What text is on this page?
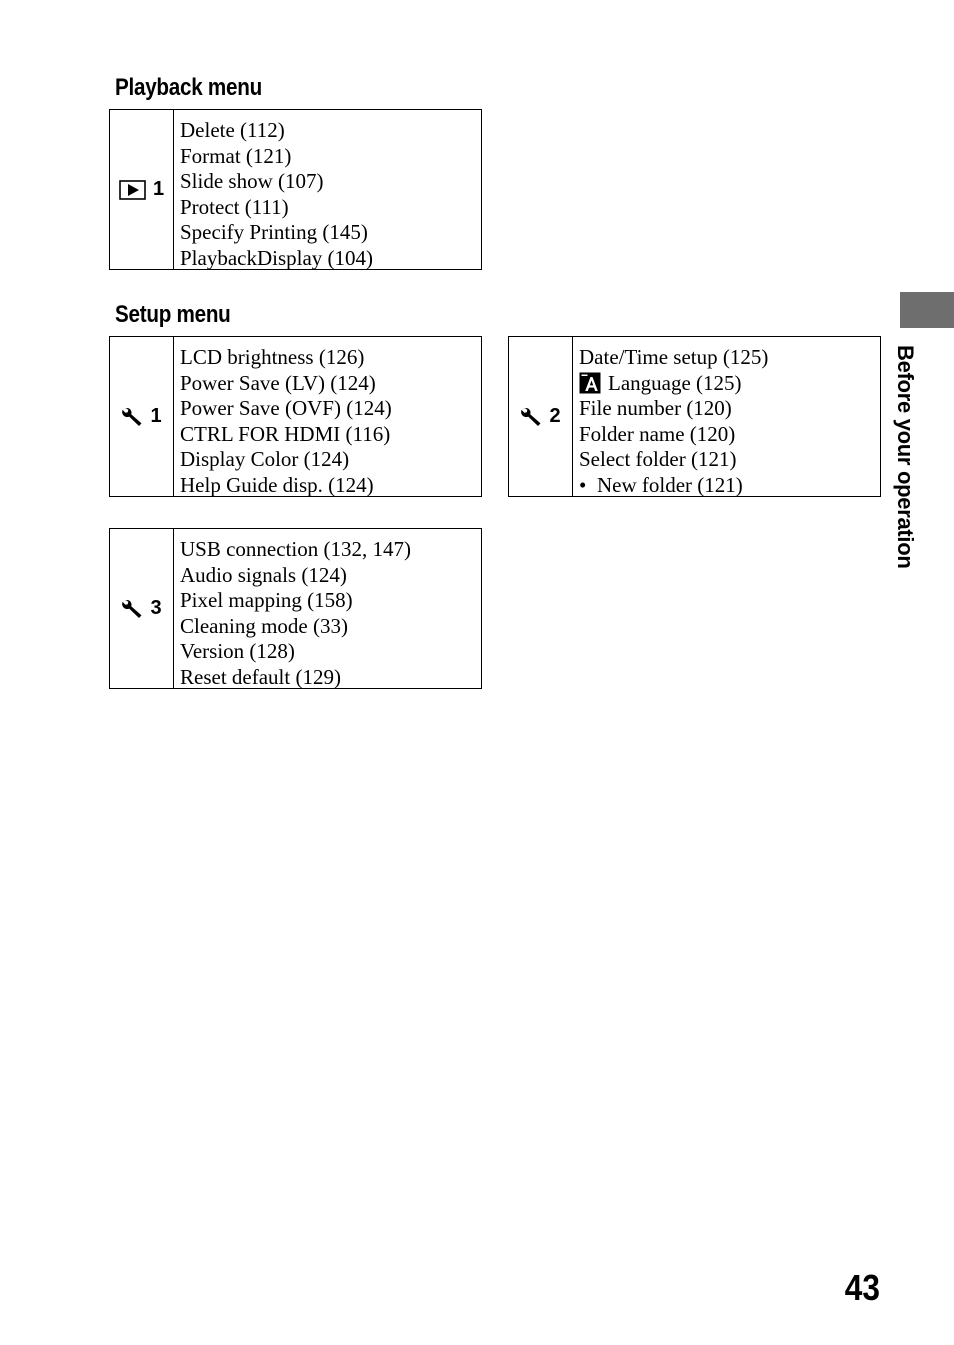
Playback menu
1
Delete (112)
Format (121)
Slide show (107)
Protect (111)
Specify Printing (145)
PlaybackDisplay (104)
Setup menu
1
LCD brightness (126)
Power Save (LV) (124)
Power Save (OVF) (124)
CTRL FOR HDMI (116)
Display Color (124)
Help Guide disp. (124)
2
Date/Time setup (125)
Language (125)
File number (120)
Folder name (120)
Select folder (121)
• New folder (121)
3
USB connection (132, 147)
Audio signals (124)
Pixel mapping (158)
Cleaning mode (33)
Version (128)
Reset default (129)
Before your operation
43
